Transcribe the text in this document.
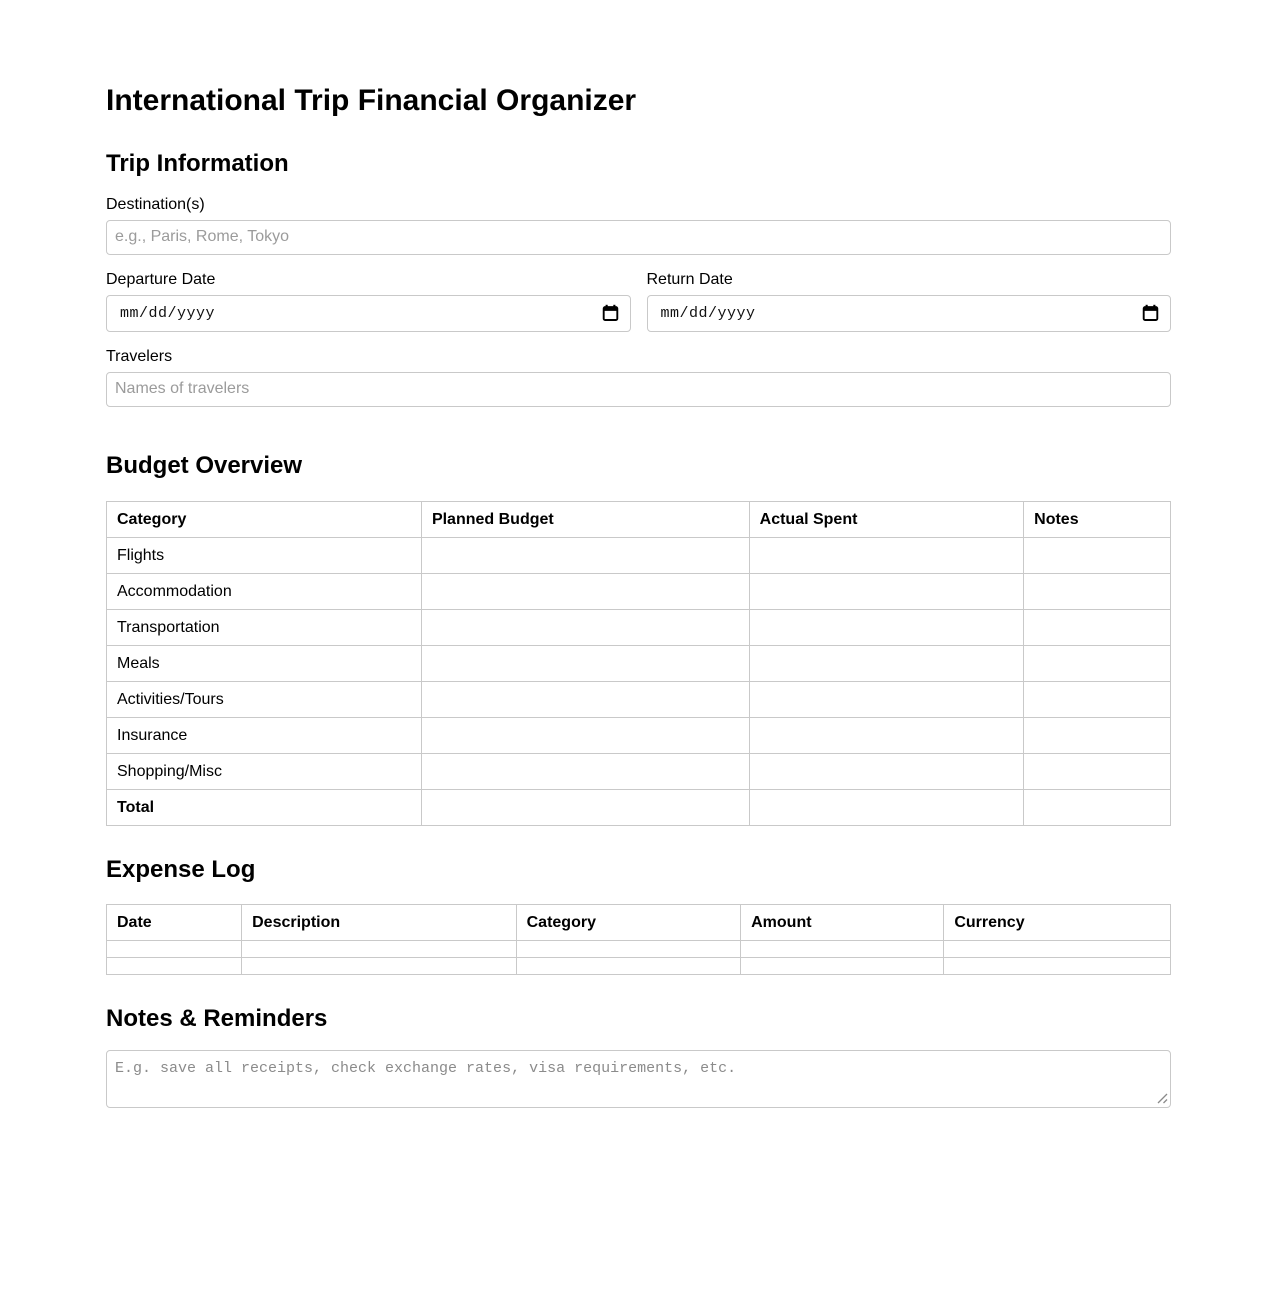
International Trip Financial Organizer
Trip Information
Destination(s)
e.g., Paris, Rome, Tokyo
Departure Date
mm/dd/yyyy
Return Date
mm/dd/yyyy
Travelers
Names of travelers
Budget Overview
Category	Planned Budget	Actual Spent	Notes
Flights			
Accommodation			
Transportation			
Meals			
Activities/Tours			
Insurance			
Shopping/Misc			
Total			
Expense Log
Date	Description	Category	Amount	Currency

Notes & Reminders
E.g. save all receipts, check exchange rates, visa requirements, etc.
